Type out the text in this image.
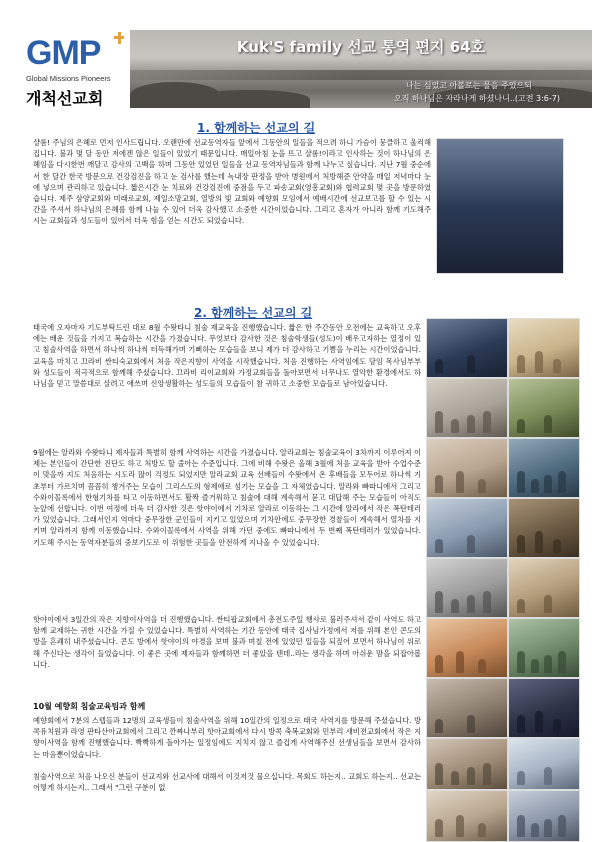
GMP
Global Missions Pioneers
개척선교회
Kuk'S family 선교 통역 편지 64호
나는 심었고 아볼로는 물을 주었으되
오직 하나님은 자라나게 하셨나니..(고전 3:6-7)
1. 함께하는 선교의 길

샬롬! 주님의 은혜로 먼저 인사드립니다. 오랜만에 선교동역자들 앞에서 그동안의 일들을 적으려 하니 가슴이 뭉클하고 울컥해집니다. 불과 몇 달 동안 저에겐 않은 일들이 있었기 때문입니다. 매일아침 눈을 뜨고 샬롬!이라고 인사하는 것이 하나님의 은혜임을 다시한번 깨달고 감사의 고백을 하며 그동안 있었던 일들을 선교 동역자님들과 함께 나누고 싶습니다. 지난 7월 중순에서 한 달간 한국 방문으로 건강검진을 하고 눈 검사를 했는데 녹내장 판정을 받아 병원에서 처방해준 안약을 매일 저녁마다 눈에 넣으며 관리하고 있습니다. 짧은시간 눈 치료와 건강검진에 중점을 두고 파송교회(영흥교회)와 협력교회 몇 곳을 방문하였습니다. 제주 삼양교회와 미래로교회, 제일소망교회, 열방의 빛 교회와 예향회 모임에서 예배시간에 선교보고를 할 수 있는 시간을 주셔서 하나님의 은혜를 함께 나눌 수 있어 더욱 감사했고 소중한 시간이었습니다. 그리고 혼자가 아니라 함께 기도해주시는 교회들과 성도들이 있어서 더욱 힘을 얻는 시간도 되었습니다.

2. 함께하는 선교의 길

태국에 오자마자 기도부탁드린 대로 8월 수왓타니 침술 재교육을 진행했습니다. 짧은 한 주간동안 오전에는 교육하고 오후에는 배운 것들을 가지고 복습하는 시간을 가졌습니다. 무엇보다 감사한 것은 침술학생들(성도)이 배우고자하는 열정이 있고 침술사역을 하면서 하나씩 하나씩 터득해가며 기뻐하는 모습들을 보니 제가 더 감사하고 기쁨을 누리는 시간이었습니다. 교육을 마치고 끄라비 싼티숙교회에서 처음 작은지향이 사역을 시작했습니다. 처음 진행하는 사역임에도 담임 목사님부부와 성도들이 적극적으로 함께해 주셨습니다. 끄라비 리이교회와 가정교회들을 돌아보면서 너무나도 열악한 환경에서도 하나님을 믿고 말씀대로 살려고 애쓰며 신앙생활하는 성도들의 모습들이 참 귀하고 소중한 모습들로 남아있습니다.

9월에는 알라와 수왓타니 제자들과 특별히 함께 사역하는 시간을 가졌습니다. 알라교회는 침술교육이 3차까지 이루어져 이제는 본인들이 간단한 진단도 하고 처방도 할 줄아는 수준입니다. 그에 비해 수왓은 올해 3월에 처음 교육을 받아 수업수준이 맞을까 지도 처음하는 시도라 많이 걱정도 되었지만 알라교회 교육 선배들이 수왓에서 온 후배들을 모두어로 하나씩 기초부터 가르치며 꼼꼼히 챙겨주는 모습이 그리스도의 형제애로 섬기는 모습을 그 자체였습니다. 알라와 빠따니에서 그리고 수와이꼴록에서 한형기차를 타고 이동하면서도 활짝 즐거워하고 침술에 대해 계속해서 묻고 대답해 주는 모습들이 아직도 눈앞에 선합니다. 이번 여정에 더욱 더 감사한 것은 핫야이에서 기차로 알라로 이동하는 그 시간에 알라에서 작은 폭탄테러가 있었습니다. 그래서인지 역마다 중무장한 군인들이 지키고 있었으며 기차안에도 중무장한 경찰들이 계속해서 열차를 지키며 알라까지 함께 이동했습니다. 수와이꼴록에서 사역을 위해 가던 중에도 빠따니에서 두 번째 폭탄테러가 있었습니다. 기도해 주시는 동역자분들의 중보기도로 이 위험한 곳들을 안전하게 지나올 수 있었습니다.

핫야이에서 3일간의 작은 지향이사역을 더 진행했습니다. 싼티팝교회에서 총전도주일 행사로 불러주셔서 같이 사역도 하고 함께 교제하는 귀한 시간을 가질 수 있었습니다. 특별히 사역하는 기간 동안에 태국 집사님가정에서 저를 위해 본인 콘도의 방을 흔쾌히 내주셨습니다. 콘도 방에서 핫야이의 야경을 보며 불과 며칠 전에 있었던 일들을 되짚어 보면서 하나님이 위로해 주신다는 생각이 들었습니다. 이 좋은 곳에 제자들과 함께하면 더 좋았을 텐데..라는 생각을 하며 아쉬운 맘을 되잡아봅니다.

10월 예향회 침술교육팀과 함께

예향회에서 7분의 스텝들과 12명의 교육생들이 침술사역을 위해 10일간의 일정으로 태국 사역지를 방문해 주셨습니다. 방콕유치원과 라영 판타산아교회에서 그리고 깐짜나부리 핫아교회에서 다시 방콕 축복교회와 민부리 새비젼교회에서 작은 지향이사역을 함께 진행했습니다. 빡빡하게 돌아가는 일정임에도 지치지 않고 즐겁게 사역해주신 선생님들을 보면서 감사하는 마음뿐이었습니다.

침술사역으로 처음 나오신 분들이 선교지와 선교사에 대해서 이것저것 물으십니다. 목회도 하는지.. 교회도 하는지.. 선교는 어떻게 하시는지.. 그래서 "그런 구분이 없
